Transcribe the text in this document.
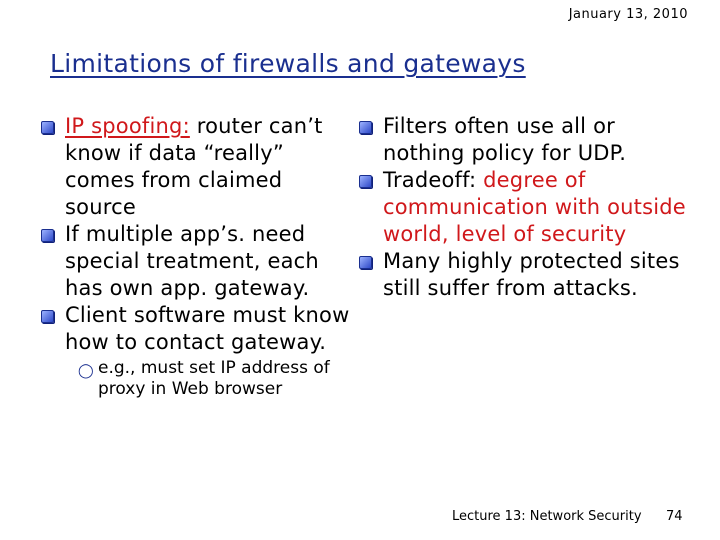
January 13, 2010
Limitations of firewalls and gateways
IP spoofing: router can’t know if data “really” comes from claimed source
If multiple app’s. need special treatment, each has own app. gateway.
Client software must know how to contact gateway.
◯ e.g., must set IP address of proxy in Web browser
Filters often use all or nothing policy for UDP.
Tradeoff: degree of communication with outside world, level of security
Many highly protected sites still suffer from attacks.
Lecture 13: Network Security 74
